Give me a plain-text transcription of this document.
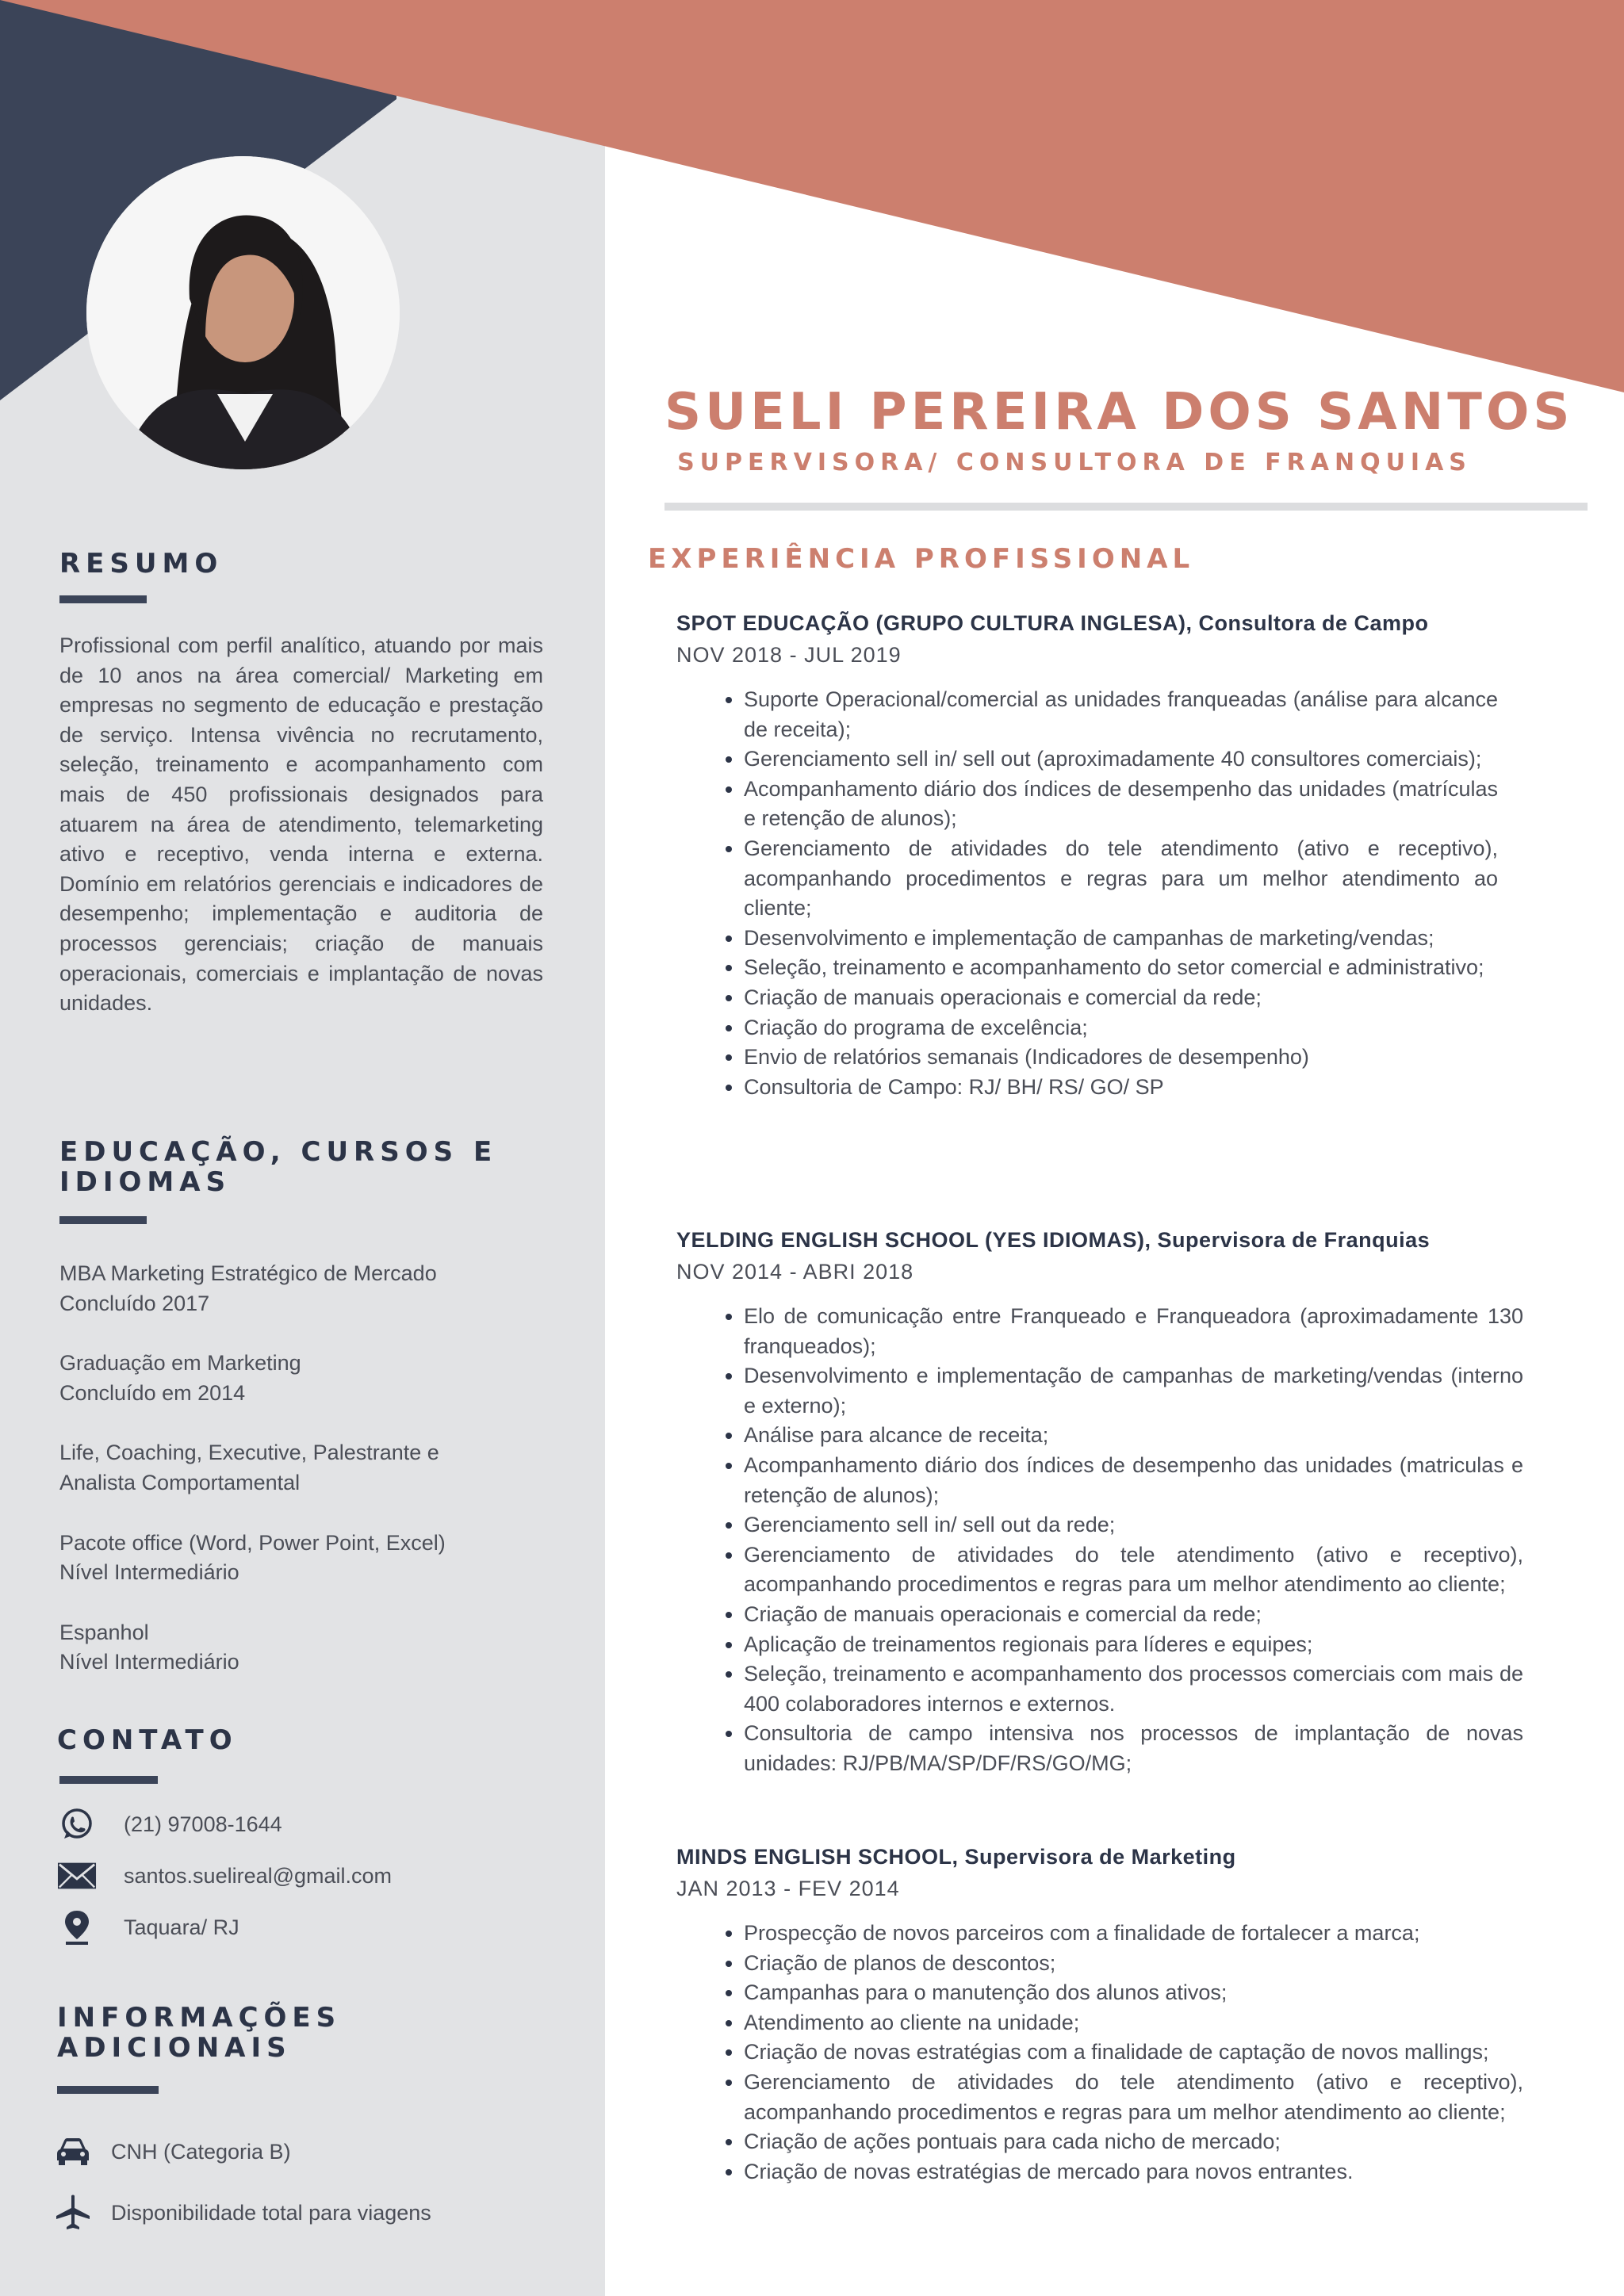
RESUMO

Profissional com perfil analítico, atuando por mais de 10 anos na área comercial/ Marketing em empresas no segmento de educação e prestação de serviço. Intensa vivência no recrutamento, seleção, treinamento e acompanhamento com mais de 450 profissionais designados para atuarem na área de atendimento, telemarketing ativo e receptivo, venda interna e externa. Domínio em relatórios gerenciais e indicadores de desempenho; implementação e auditoria de processos gerenciais; criação de manuais operacionais, comerciais e implantação de novas unidades.

EDUCAÇÃO, CURSOS E
IDIOMAS
MBA Marketing Estratégico de Mercado
Concluído 2017
Graduação em Marketing
Concluído em 2014
Life, Coaching, Executive, Palestrante e
Analista Comportamental
Pacote office (Word, Power Point, Excel)
Nível Intermediário
Espanhol
Nível Intermediário
CONTATO
(21) 97008-1644
santos.suelireal@gmail.com
Taquara/ RJ
INFORMAÇÕES
ADICIONAIS
CNH (Categoria B)
Disponibilidade total para viagens
SUELI PEREIRA DOS SANTOS
SUPERVISORA/ CONSULTORA DE FRANQUIAS
EXPERIÊNCIA PROFISSIONAL
SPOT EDUCAÇÃO (GRUPO CULTURA INGLESA), Consultora de Campo
NOV 2018 - JUL 2019
• Suporte Operacional/comercial as unidades franqueadas (análise para alcance de receita);
• Gerenciamento sell in/ sell out (aproximadamente 40 consultores comerciais);
• Acompanhamento diário dos índices de desempenho das unidades (matrículas e retenção de alunos);
• Gerenciamento de atividades do tele atendimento (ativo e receptivo), acompanhando procedimentos e regras para um melhor atendimento ao cliente;
• Desenvolvimento e implementação de campanhas de marketing/vendas;
• Seleção, treinamento e acompanhamento do setor comercial e administrativo;
• Criação de manuais operacionais e comercial da rede;
• Criação do programa de excelência;
• Envio de relatórios semanais (Indicadores de desempenho)
• Consultoria de Campo: RJ/ BH/ RS/ GO/ SP
YELDING ENGLISH SCHOOL (YES IDIOMAS), Supervisora de Franquias
NOV 2014 - ABRI 2018
• Elo de comunicação entre Franqueado e Franqueadora (aproximadamente 130 franqueados);
• Desenvolvimento e implementação de campanhas de marketing/vendas (interno e externo);
• Análise para alcance de receita;
• Acompanhamento diário dos índices de desempenho das unidades (matriculas e retenção de alunos);
• Gerenciamento sell in/ sell out da rede;
• Gerenciamento de atividades do tele atendimento (ativo e receptivo), acompanhando procedimentos e regras para um melhor atendimento ao cliente;
• Criação de manuais operacionais e comercial da rede;
• Aplicação de treinamentos regionais para líderes e equipes;
• Seleção, treinamento e acompanhamento dos processos comerciais com mais de 400 colaboradores internos e externos.
• Consultoria de campo intensiva nos processos de implantação de novas unidades: RJ/PB/MA/SP/DF/RS/GO/MG;
MINDS ENGLISH SCHOOL, Supervisora de Marketing
JAN 2013 - FEV 2014
• Prospecção de novos parceiros com a finalidade de fortalecer a marca;
• Criação de planos de descontos;
• Campanhas para o manutenção dos alunos ativos;
• Atendimento ao cliente na unidade;
• Criação de novas estratégias com a finalidade de captação de novos mallings;
• Gerenciamento de atividades do tele atendimento (ativo e receptivo), acompanhando procedimentos e regras para um melhor atendimento ao cliente;
• Criação de ações pontuais para cada nicho de mercado;
• Criação de novas estratégias de mercado para novos entrantes.
